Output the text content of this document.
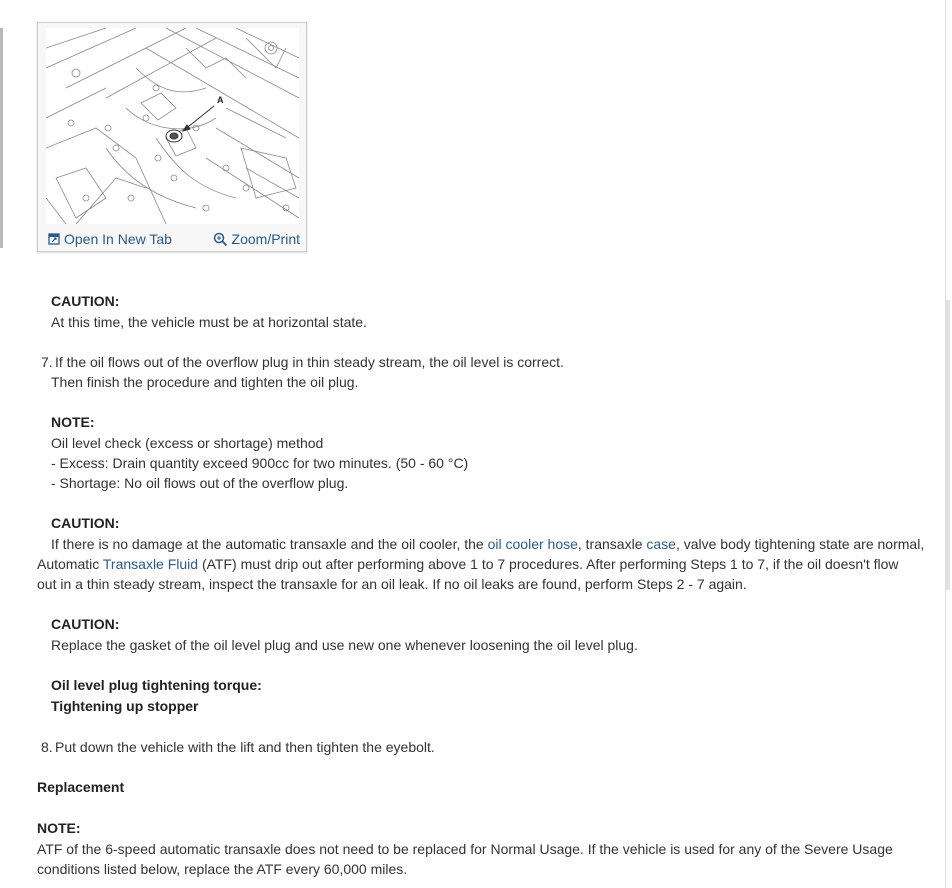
A
Open In New Tab	Zoom/Print
CAUTION:
At this time, the vehicle must be at horizontal state.
7. If the oil flows out of the overflow plug in thin steady stream, the oil level is correct.
Then finish the procedure and tighten the oil plug.
NOTE:
Oil level check (excess or shortage) method
- Excess: Drain quantity exceed 900cc for two minutes. (50 - 60 °C)
- Shortage: No oil flows out of the overflow plug.
CAUTION:
If there is no damage at the automatic transaxle and the oil cooler, the oil cooler hose, transaxle case, valve body tightening state are normal,
Automatic Transaxle Fluid (ATF) must drip out after performing above 1 to 7 procedures. After performing Steps 1 to 7, if the oil doesn't flow
out in a thin steady stream, inspect the transaxle for an oil leak. If no oil leaks are found, perform Steps 2 - 7 again.
CAUTION:
Replace the gasket of the oil level plug and use new one whenever loosening the oil level plug.
Oil level plug tightening torque:
Tightening up stopper
8. Put down the vehicle with the lift and then tighten the eyebolt.
Replacement
NOTE:
ATF of the 6-speed automatic transaxle does not need to be replaced for Normal Usage. If the vehicle is used for any of the Severe Usage
conditions listed below, replace the ATF every 60,000 miles.
